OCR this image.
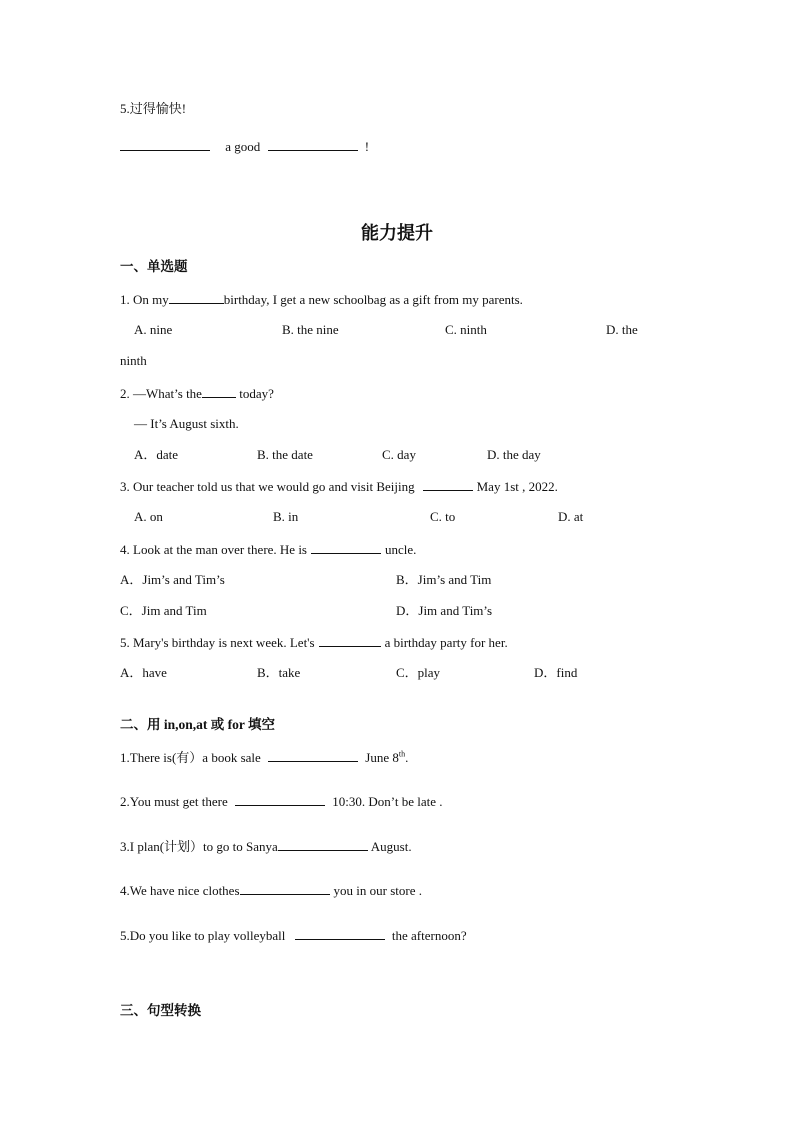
5.过得愉快!
a good	!
能力提升
一、单选题
1. On my	birthday, I get a new schoolbag as a gift from my parents.
A. nine	B. the nine	C. ninth	D. the
ninth
2. —What’s the	today?
— It’s August sixth.
A．date	B. the date	C. day	D. the day
3. Our teacher told us that we would go and visit Beijing	May 1st , 2022.
A. on	B. in	C. to	D. at
4. Look at the man over there. He is	uncle.
A．Jim’s and Tim’s	B．Jim’s and Tim
C．Jim and Tim	D．Jim and Tim’s
5. Mary's birthday is next week. Let's	a birthday party for her.
A．have	B．take	C．play	D．find
二、用 in,on,at 或 for 填空
1.There is(有）a book sale	June 8th.
2.You must get there	10:30. Don’t be late .
3.I plan(计划）to go to Sanya	August.
4.We have nice clothes	you in our store .
5.Do you like to play volleyball	the afternoon?
三、句型转换
